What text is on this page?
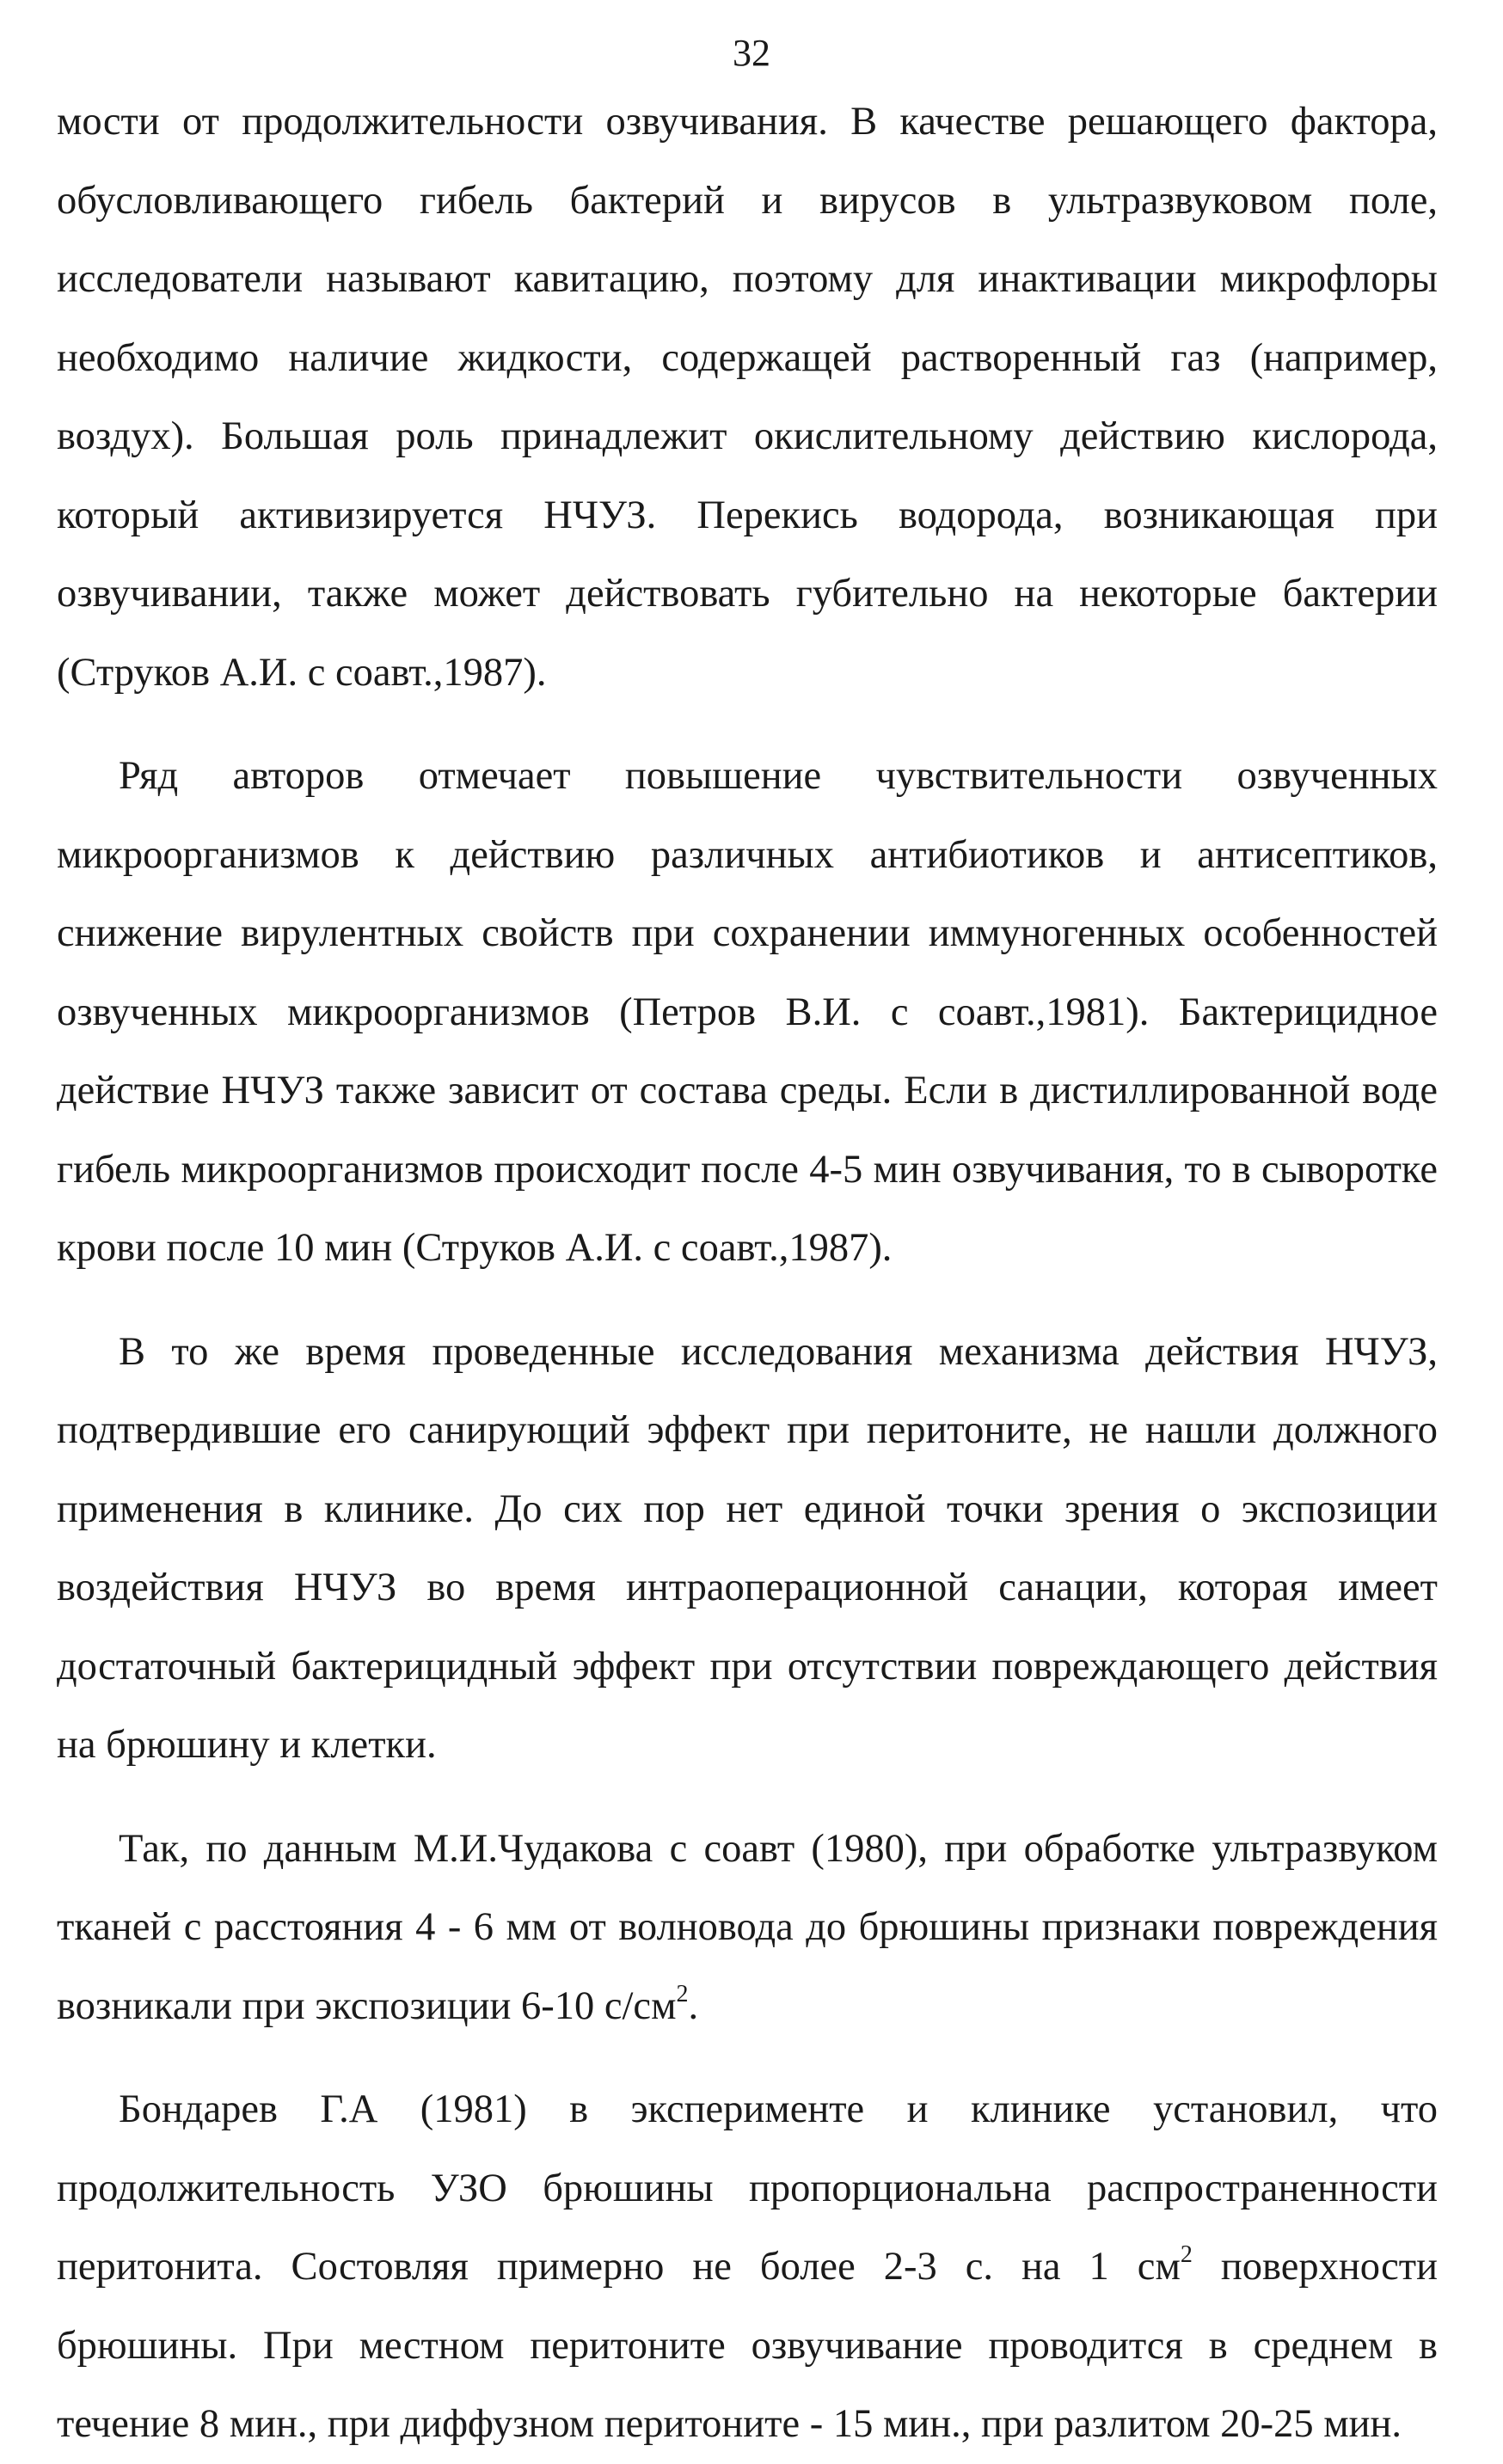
32

мости от продолжительности озвучивания. В качестве решающего фактора, обусловливающего гибель бактерий и вирусов в ультразвуковом поле, исследователи называют кавитацию, поэтому для инактивации микрофлоры необходимо наличие жидкости, содержащей растворенный газ (например, воздух). Большая роль принадлежит окислительному действию кислорода, который активизируется НЧУЗ. Перекись водорода, возникающая при озвучивании, также может действовать губительно на некоторые бактерии (Струков А.И. с соавт.,1987).

Ряд авторов отмечает повышение чувствительности озвученных микроорганизмов к действию различных антибиотиков и антисептиков, снижение вирулентных свойств при сохранении иммуногенных особенностей озвученных микроорганизмов (Петров В.И. с соавт.,1981). Бактерицидное действие НЧУЗ также зависит от состава среды. Если в дистиллированной воде гибель микроорганизмов происходит после 4-5 мин озвучивания, то в сыворотке крови после 10 мин (Струков А.И. с соавт.,1987).

В то же время проведенные исследования механизма действия НЧУЗ, подтвердившие его санирующий эффект при перитоните, не нашли должного применения в клинике. До сих пор нет единой точки зрения о экспозиции воздействия НЧУЗ во время интраоперационной санации, которая имеет достаточный бактерицидный эффект при отсутствии повреждающего действия на брюшину и клетки.

Так, по данным М.И.Чудакова с соавт (1980), при обработке ультразвуком тканей с расстояния 4 - 6 мм от волновода до брюшины признаки повреждения возникали при экспозиции 6-10 $с/см^2$.

Бондарев Г.А (1981) в эксперименте и клинике установил, что продолжительность УЗО брюшины пропорциональна распространенности перитонита. Состовляя примерно не более 2-3 с. на 1 $см^2$ поверхности брюшины. При местном перитоните озвучивание проводится в среднем в течение 8 мин., при диффузном перитоните - 15 мин., при разлитом 20-25 мин.
